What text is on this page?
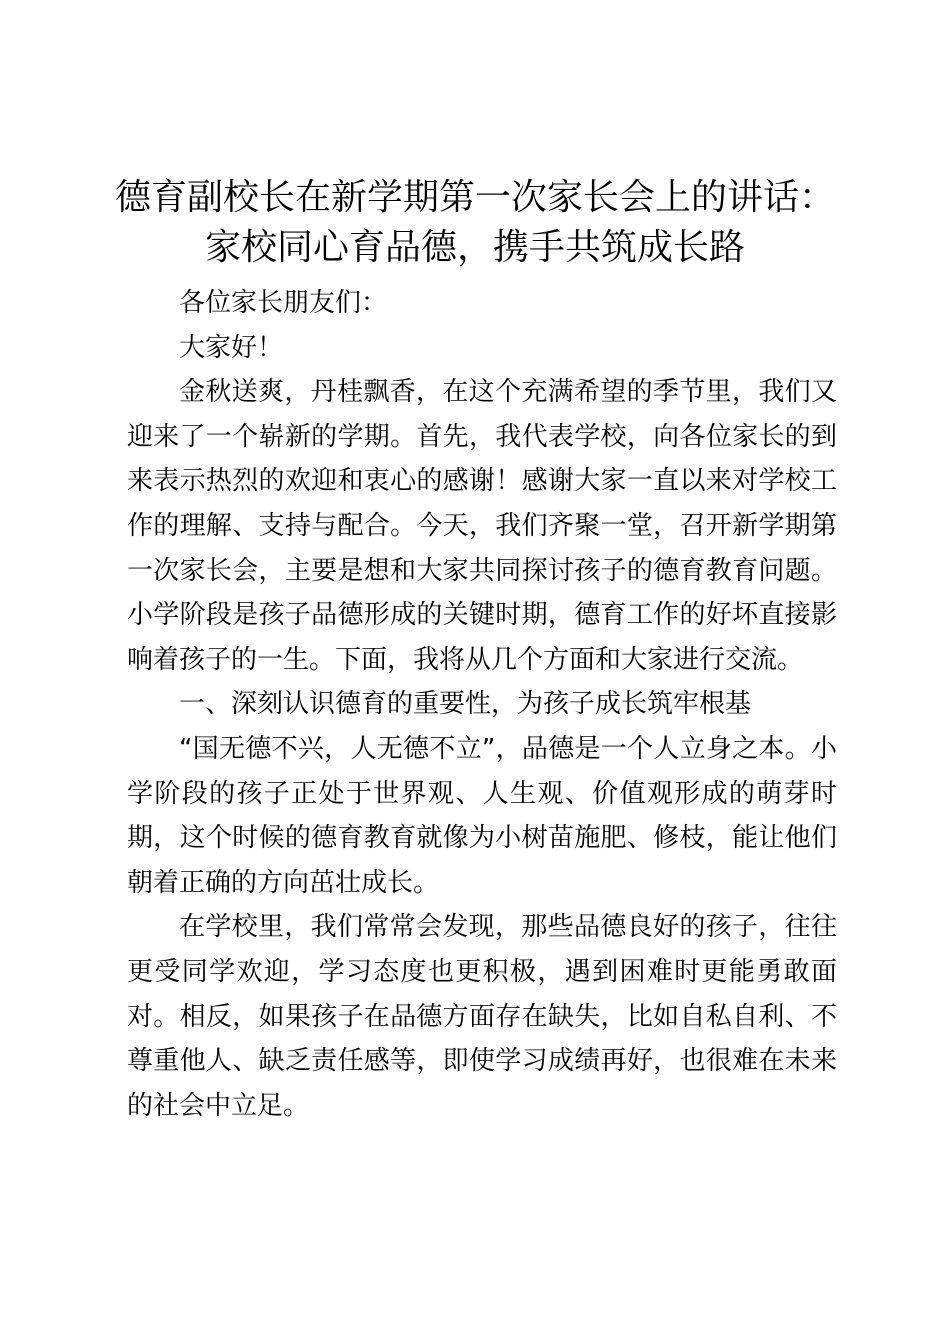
德育副校长在新学期第一次家长会上的讲话：
家校同心育品德，携手共筑成长路

各位家长朋友们：

大家好！

金秋送爽，丹桂飘香，在这个充满希望的季节里，我们又迎来了一个崭新的学期。首先，我代表学校，向各位家长的到来表示热烈的欢迎和衷心的感谢！感谢大家一直以来对学校工作的理解、支持与配合。今天，我们齐聚一堂，召开新学期第一次家长会，主要是想和大家共同探讨孩子的德育教育问题。小学阶段是孩子品德形成的关键时期，德育工作的好坏直接影响着孩子的一生。下面，我将从几个方面和大家进行交流。

一、深刻认识德育的重要性，为孩子成长筑牢根基

“国无德不兴，人无德不立”，品德是一个人立身之本。小学阶段的孩子正处于世界观、人生观、价值观形成的萌芽时期，这个时候的德育教育就像为小树苗施肥、修枝，能让他们朝着正确的方向茁壮成长。

在学校里，我们常常会发现，那些品德良好的孩子，往往更受同学欢迎，学习态度也更积极，遇到困难时更能勇敢面对。相反，如果孩子在品德方面存在缺失，比如自私自利、不尊重他人、缺乏责任感等，即使学习成绩再好，也很难在未来的社会中立足。
